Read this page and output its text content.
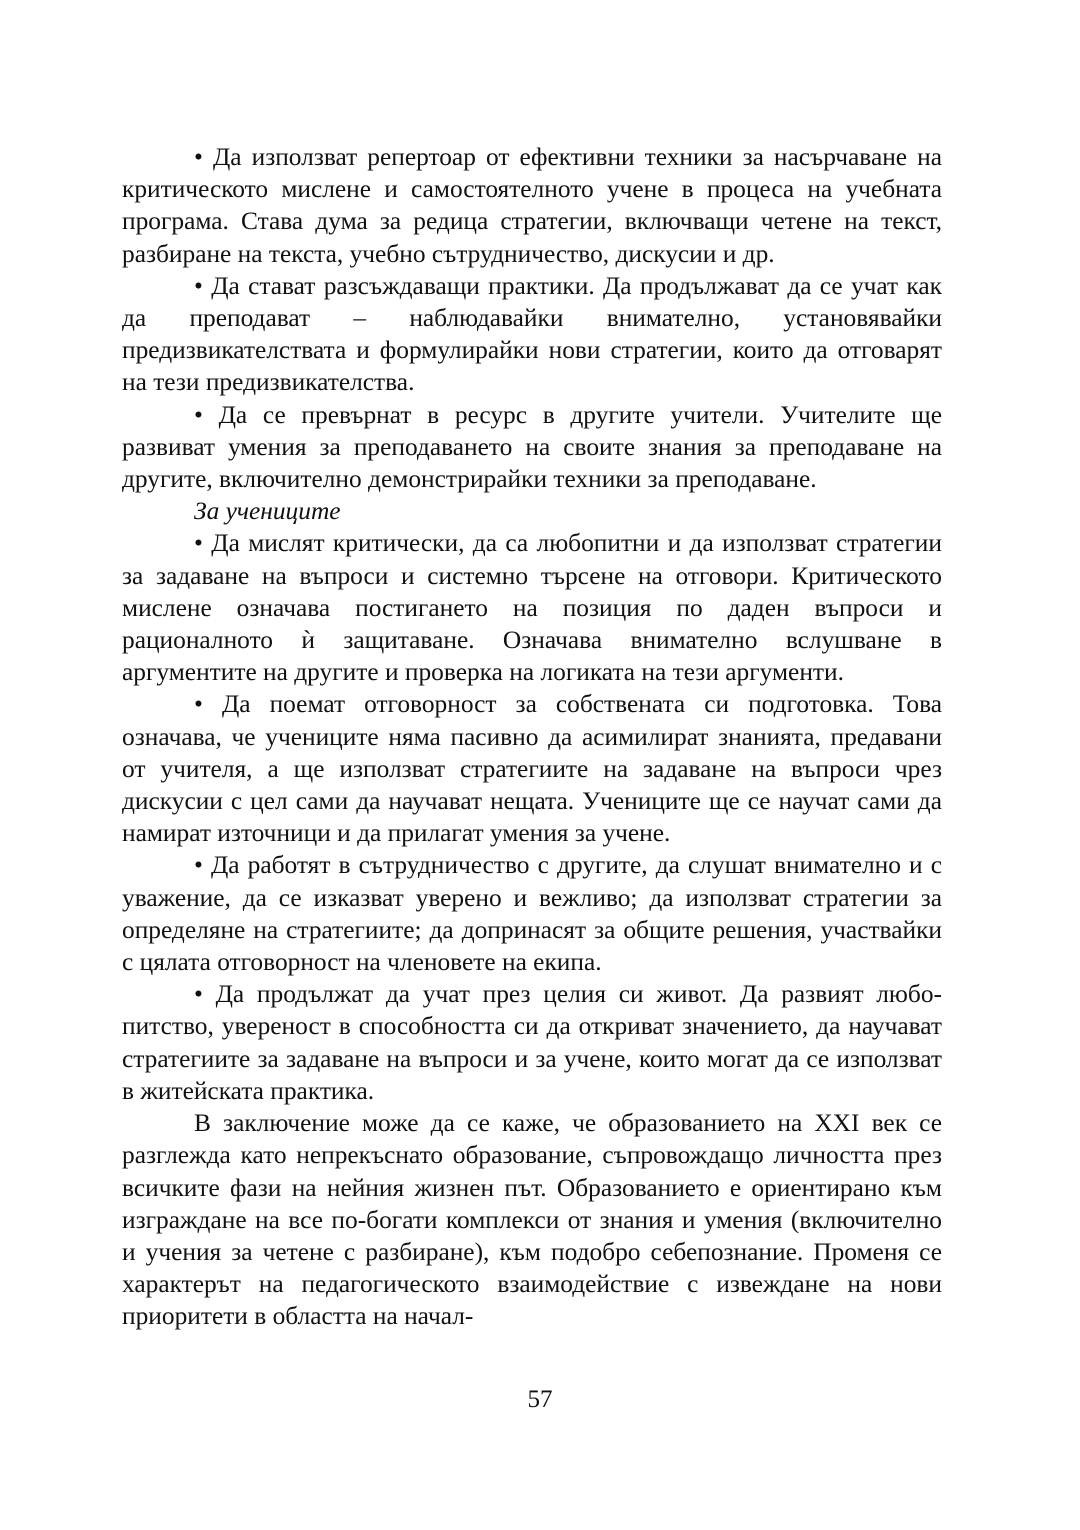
• Да използват репертоар от ефективни техники за насърчаване на критическото мислене и самостоятелното учене в процеса на учебната програма. Става дума за редица стратегии, включващи четене на текст, разбиране на текста, учебно сътрудничество, дискусии и др.

• Да стават разсъждаващи практики. Да продължават да се учат как да преподават – наблюдавайки внимателно, установявайки предизвикателствата и формулирайки нови стратегии, които да отговарят на тези предизвикателства.

• Да се превърнат в ресурс в другите учители. Учителите ще развиват умения за преподаването на своите знания за преподаване на другите, включително демонстрирайки техники за преподаване.

За учениците

• Да мислят критически, да са любопитни и да използват стратегии за задаване на въпроси и системно търсене на отговори. Критическото мислене означава постигането на позиция по даден въпроси и рационалното ѝ защитаване. Означава внимателно вслушване в аргументите на другите и проверка на логиката на тези аргументи.

• Да поемат отговорност за собствената си подготовка. Това означава, че учениците няма пасивно да асимилират знанията, предавани от учителя, а ще използват стратегиите на задаване на въпроси чрез дискусии с цел сами да научават нещата. Учениците ще се научат сами да намират източници и да прилагат умения за учене.

• Да работят в сътрудничество с другите, да слушат внимателно и с уважение, да се изказват уверено и вежливо; да използват стратегии за определяне на стратегиите; да допринасят за общите решения, участвайки с цялата отговорност на членовете на екипа.

• Да продължат да учат през целия си живот. Да развият любопитство, увереност в способността си да откриват значението, да научават стратегиите за задаване на въпроси и за учене, които могат да се използват в житейската практика.

В заключение може да се каже, че образованието на XXI век се разглежда като непрекъснато образование, съпровождащо личността през всичките фази на нейния жизнен път. Образованието е ориентирано към изграждане на все по-богати комплекси от знания и умения (включително и учения за четене с разбиране), към подобро себепознание. Променя се характерът на педагогическото взаимодействие с извеждане на нови приоритети в областта на начал-

57
